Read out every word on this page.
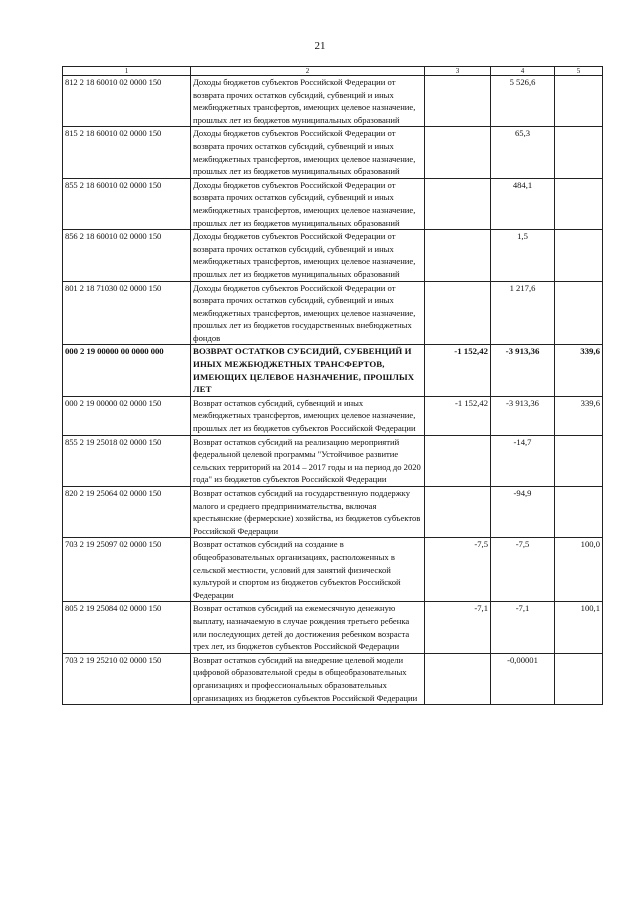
21
1	2	3	4	5
812 2 18 60010 02 0000 150	Доходы бюджетов субъектов Российской Федерации от возврата прочих остатков субсидий, субвенций и иных межбюджетных трансфертов, имеющих целевое назначение, прошлых лет из бюджетов муниципальных образований		5 526,6	
815 2 18 60010 02 0000 150	Доходы бюджетов субъектов Российской Федерации от возврата прочих остатков субсидий, субвенций и иных межбюджетных трансфертов, имеющих целевое назначение, прошлых лет из бюджетов муниципальных образований		65,3	
855 2 18 60010 02 0000 150	Доходы бюджетов субъектов Российской Федерации от возврата прочих остатков субсидий, субвенций и иных межбюджетных трансфертов, имеющих целевое назначение, прошлых лет из бюджетов муниципальных образований		484,1	
856 2 18 60010 02 0000 150	Доходы бюджетов субъектов Российской Федерации от возврата прочих остатков субсидий, субвенций и иных межбюджетных трансфертов, имеющих целевое назначение, прошлых лет из бюджетов муниципальных образований		1,5	
801 2 18 71030 02 0000 150	Доходы бюджетов субъектов Российской Федерации от возврата прочих остатков субсидий, субвенций и иных межбюджетных трансфертов, имеющих целевое назначение, прошлых лет из бюджетов государственных внебюджетных фондов		1 217,6	
000 2 19 00000 00 0000 000	ВОЗВРАТ ОСТАТКОВ СУБСИДИЙ, СУБВЕНЦИЙ И ИНЫХ МЕЖБЮДЖЕТНЫХ ТРАНСФЕРТОВ, ИМЕЮЩИХ ЦЕЛЕВОЕ НАЗНАЧЕНИЕ, ПРОШЛЫХ ЛЕТ	-1 152,42	-3 913,36	339,6
000 2 19 00000 02 0000 150	Возврат остатков субсидий, субвенций и иных межбюджетных трансфертов, имеющих целевое назначение, прошлых лет из бюджетов субъектов Российской Федерации	-1 152,42	-3 913,36	339,6
855 2 19 25018 02 0000 150	Возврат остатков субсидий на реализацию мероприятий федеральной целевой программы "Устойчивое развитие сельских территорий на 2014 – 2017 годы и на период до 2020 года" из бюджетов субъектов Российской Федерации		-14,7	
820 2 19 25064 02 0000 150	Возврат остатков субсидий на государственную поддержку малого и среднего предпринимательства, включая крестьянские (фермерские) хозяйства, из бюджетов субъектов Российской Федерации		-94,9	
703 2 19 25097 02 0000 150	Возврат остатков субсидий на создание в общеобразовательных организациях, расположенных в сельской местности, условий для занятий физической культурой и спортом из бюджетов субъектов Российской Федерации	-7,5	-7,5	100,0
805 2 19 25084 02 0000 150	Возврат остатков субсидий на ежемесячную денежную выплату, назначаемую в случае рождения третьего ребенка или последующих детей до достижения ребенком возраста трех лет, из бюджетов субъектов Российской Федерации	-7,1	-7,1	100,1
703 2 19 25210 02 0000 150	Возврат остатков субсидий на внедрение целевой модели цифровой образовательной среды в общеобразовательных организациях и профессиональных образовательных организациях из бюджетов субъектов Российской Федерации		-0,00001	
